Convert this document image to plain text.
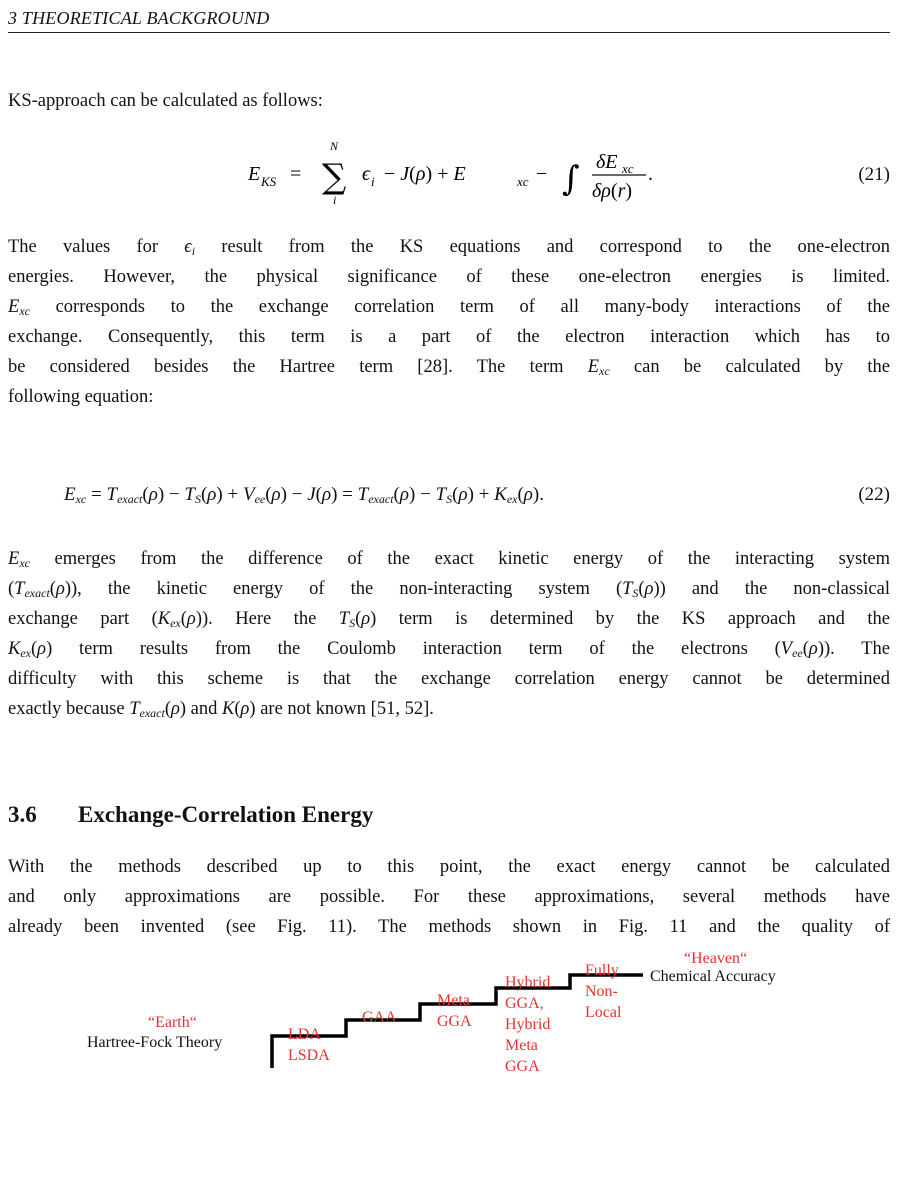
3 THEORETICAL BACKGROUND
KS-approach can be calculated as follows:
E KS = ∑
N
i
ϵ i − J(ρ) + E	xc − ∫ δE xc
δρ(r)
.	(21)
The values for $\epsilon_i$ result from the KS equations and correspond to the one-electron
energies. However, the physical significance of these one-electron energies is limited.
$E_{xc}$ corresponds to the exchange correlation term of all many-body interactions of the
exchange. Consequently, this term is a part of the electron interaction which has to
be considered besides the Hartree term [28]. The term $E_{xc}$ can be calculated by the
following equation:
$E_{xc} = T_{exact}(\rho) - T_S(\rho) + V_{ee}(\rho) - J(\rho) = T_{exact}(\rho) - T_S(\rho) + K_{ex}(\rho)$.	(22)
$E_{xc}$ emerges from the difference of the exact kinetic energy of the interacting system
$(T_{exact}(\rho))$, the kinetic energy of the non-interacting system $(T_S(\rho))$ and the non-classical
exchange part $(K_{ex}(\rho))$. Here the $T_S(\rho)$ term is determined by the KS approach and the
$K_{ex}(\rho)$ term results from the Coulomb interaction term of the electrons $(V_{ee}(\rho))$. The
difficulty with this scheme is that the exchange correlation energy cannot be determined
exactly because $T_{exact}(\rho)$ and K(ρ) are not known [51, 52].
3.6 Exchange-Correlation Energy
With the methods described up to this point, the exact energy cannot be calculated
and only approximations are possible. For these approximations, several methods have
already been invented (see Fig. 11). The methods shown in Fig. 11 and the quality of
“Earth“
Hartree-Fock Theory	LDA
LSDA
GAA
Meta
GGA
Hybrid
GGA,
Hybrid
Meta
GGA
Fully
Non-
Local
“Heaven“
Chemical Accuracy
